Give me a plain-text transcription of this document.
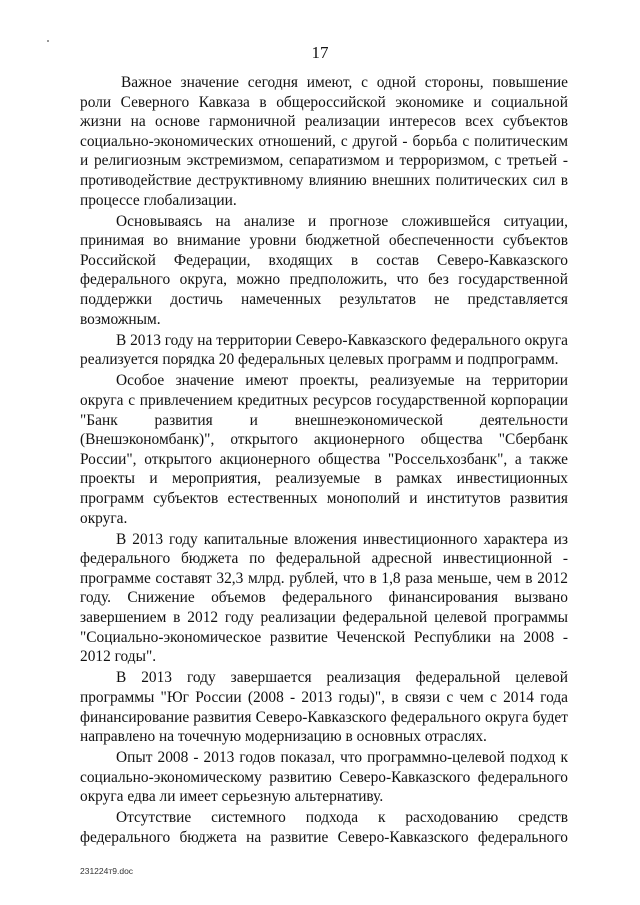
17

Важное значение сегодня имеют, с одной стороны, повышение роли Северного Кавказа в общероссийской экономике и социальной жизни на основе гармоничной реализации интересов всех субъектов социально-экономических отношений, с другой - борьба с политическим и религиозным экстремизмом, сепаратизмом и терроризмом, с третьей - противодействие деструктивному влиянию внешних политических сил в процессе глобализации.

Основываясь на анализе и прогнозе сложившейся ситуации, принимая во внимание уровни бюджетной обеспеченности субъектов Российской Федерации, входящих в состав Северо-Кавказского федерального округа, можно предположить, что без государственной поддержки достичь намеченных результатов не представляется возможным.

В 2013 году на территории Северо-Кавказского федерального округа реализуется порядка 20 федеральных целевых программ и подпрограмм.

Особое значение имеют проекты, реализуемые на территории округа с привлечением кредитных ресурсов государственной корпорации "Банк развития и внешнеэкономической деятельности (Внешэкономбанк)", открытого акционерного общества "Сбербанк России", открытого акционерного общества "Россельхозбанк", а также проекты и мероприятия, реализуемые в рамках инвестиционных программ субъектов естественных монополий и институтов развития округа.

В 2013 году капитальные вложения инвестиционного характера из федерального бюджета по федеральной адресной инвестиционной - программе составят 32,3 млрд. рублей, что в 1,8 раза меньше, чем в 2012 году. Снижение объемов федерального финансирования вызвано завершением в 2012 году реализации федеральной целевой программы "Социально-экономическое развитие Чеченской Республики на 2008 - 2012 годы".

В 2013 году завершается реализация федеральной целевой программы "Юг России (2008 - 2013 годы)", в связи с чем с 2014 года финансирование развития Северо-Кавказского федерального округа будет направлено на точечную модернизацию в основных отраслях.

Опыт 2008 - 2013 годов показал, что программно-целевой подход к социально-экономическому развитию Северо-Кавказского федерального округа едва ли имеет серьезную альтернативу.

Отсутствие системного подхода к расходованию средств федерального бюджета на развитие Северо-Кавказского федерального

231224т9.doc
